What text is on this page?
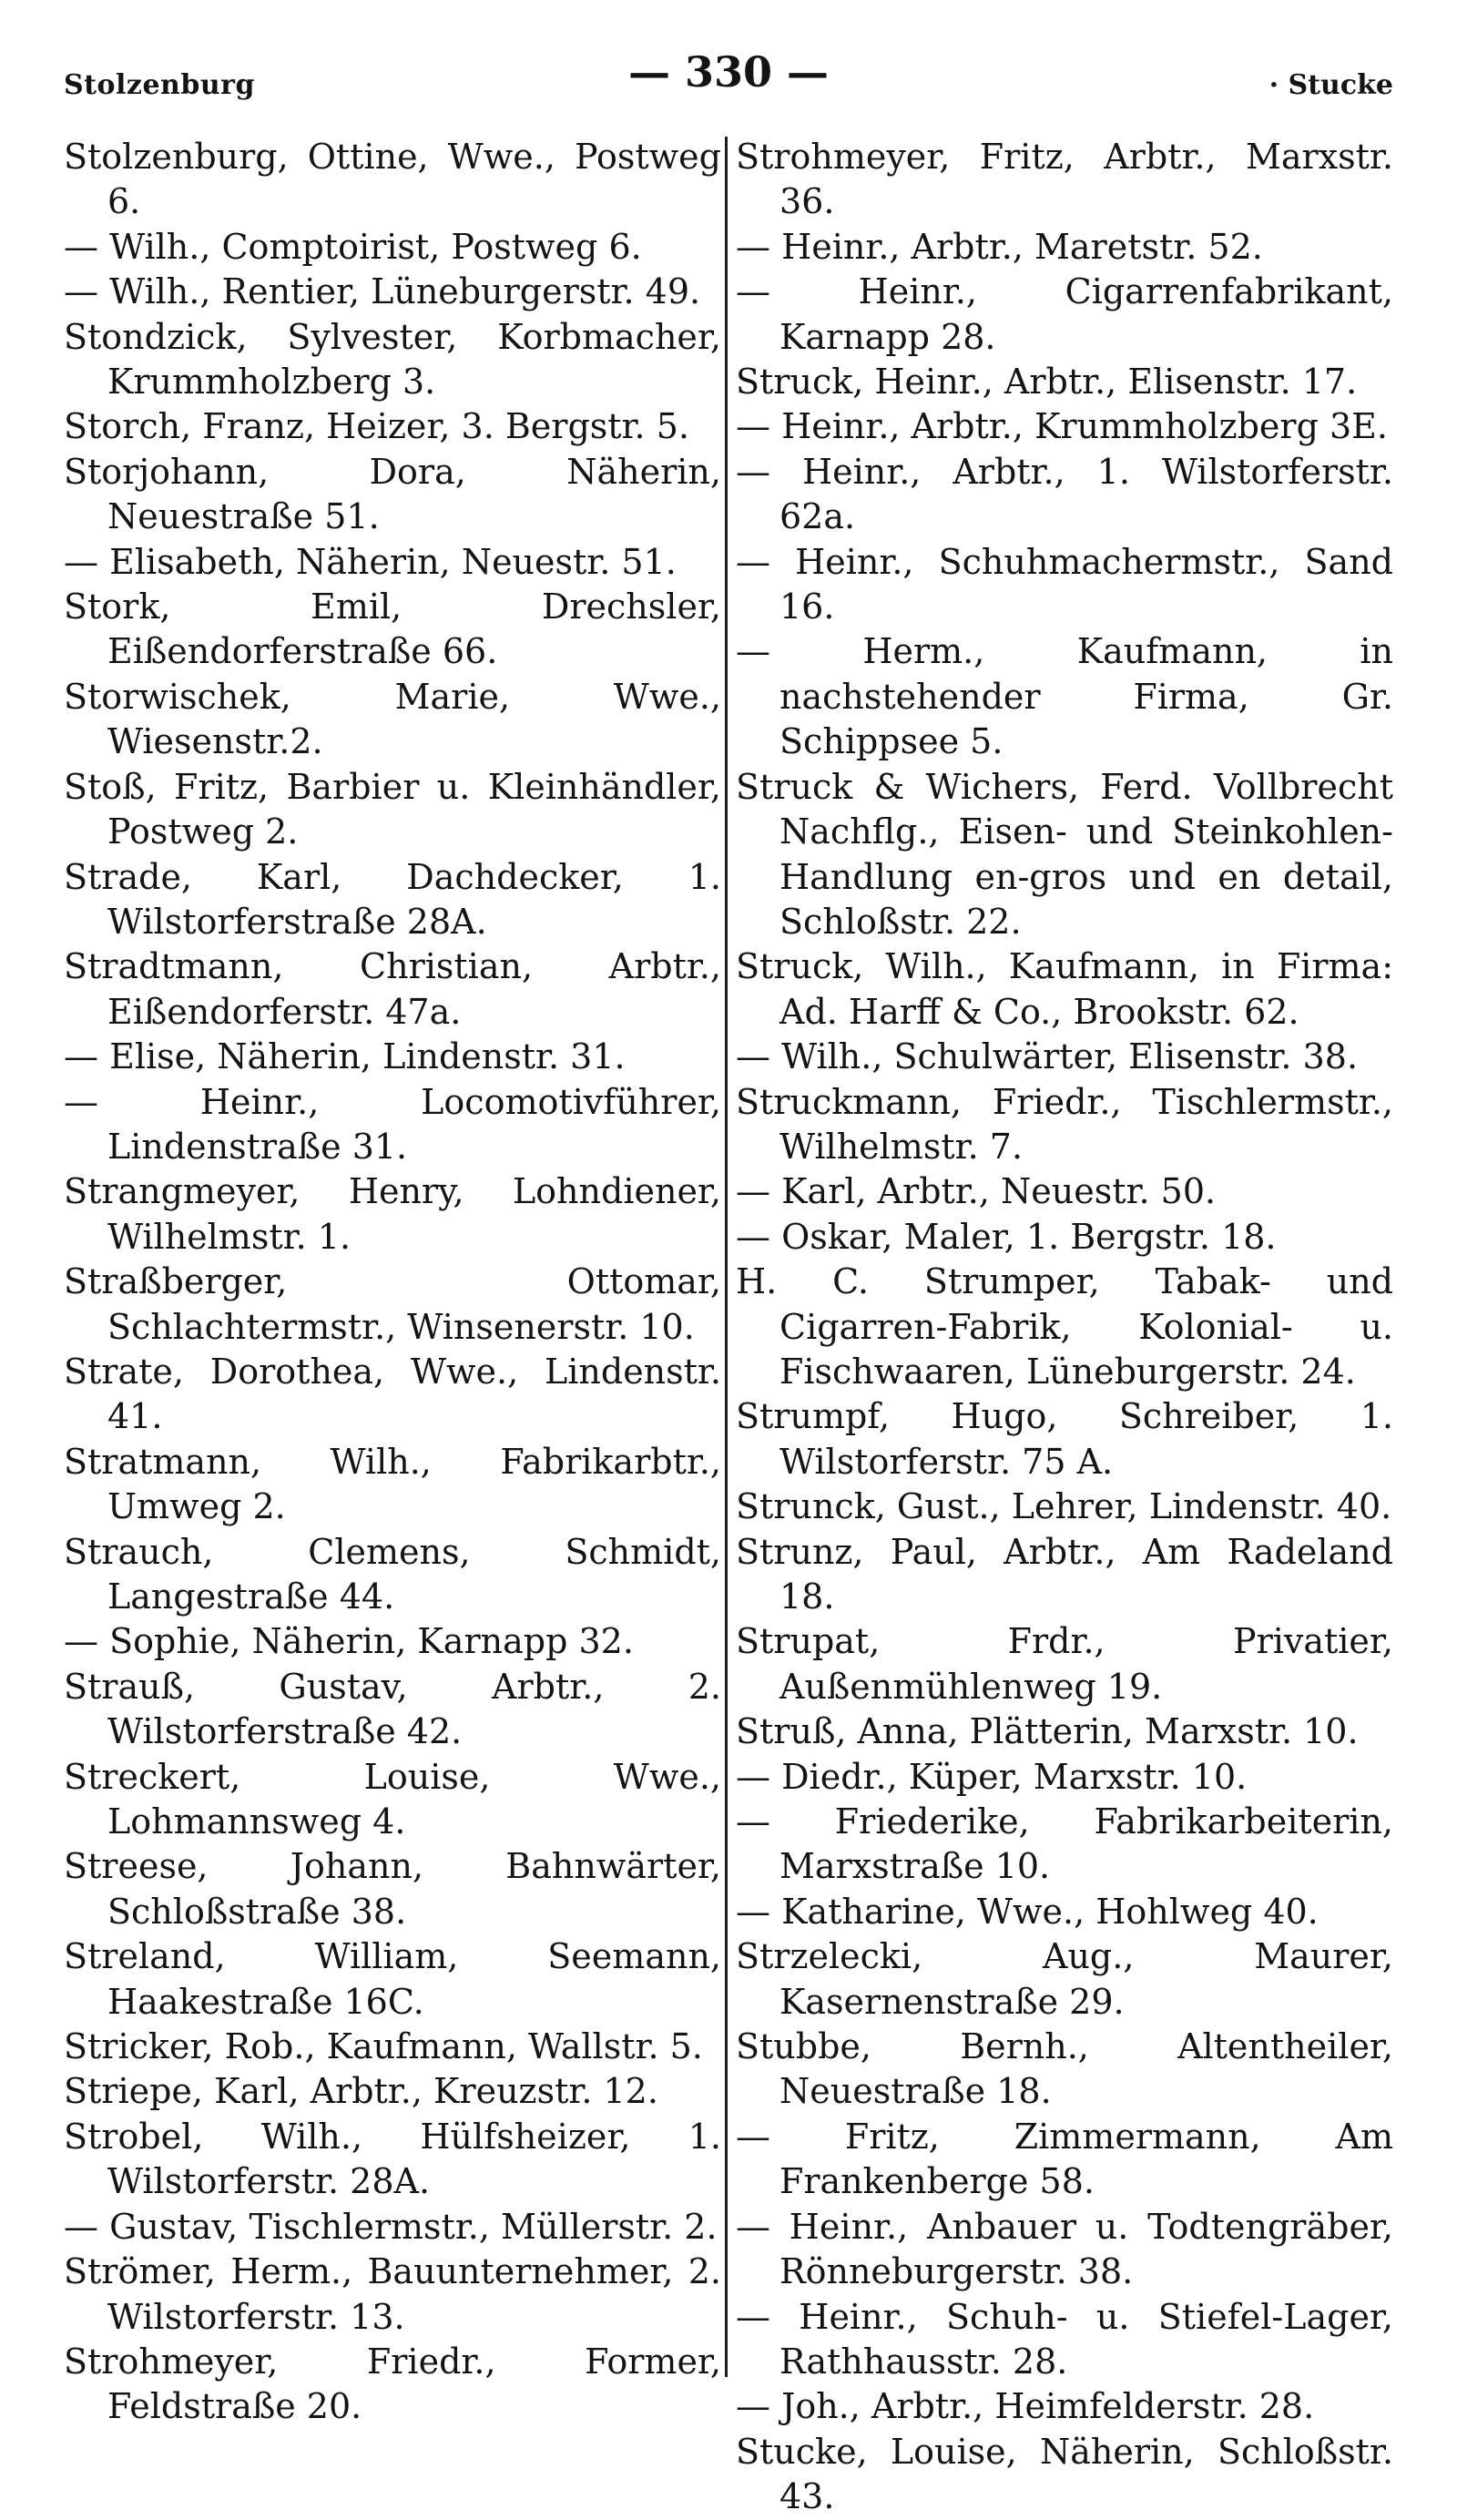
Stolzenburg	— 330 —	· Stucke
Stolzenburg, Ottine, Wwe., Postweg 6.
— Wilh., Comptoirist, Postweg 6.
— Wilh., Rentier, Lüneburgerstr. 49.
Stondzick, Sylvester, Korbmacher, Krummholzberg 3.
Storch, Franz, Heizer, 3. Bergstr. 5.
Storjohann, Dora, Näherin, Neuestraße 51.
— Elisabeth, Näherin, Neuestr. 51.
Stork, Emil, Drechsler, Eißendorferstraße 66.
Storwischek, Marie, Wwe., Wiesenstr.2.
Stoß, Fritz, Barbier u. Kleinhändler, Postweg 2.
Strade, Karl, Dachdecker, 1. Wilstorferstraße 28A.
Stradtmann, Christian, Arbtr., Eißendorferstr. 47a.
— Elise, Näherin, Lindenstr. 31.
— Heinr., Locomotivführer, Lindenstraße 31.
Strangmeyer, Henry, Lohndiener, Wilhelmstr. 1.
Straßberger, Ottomar, Schlachtermstr., Winsenerstr. 10.
Strate, Dorothea, Wwe., Lindenstr. 41.
Stratmann, Wilh., Fabrikarbtr., Umweg 2.
Strauch, Clemens, Schmidt, Langestraße 44.
— Sophie, Näherin, Karnapp 32.
Strauß, Gustav, Arbtr., 2. Wilstorferstraße 42.
Streckert, Louise, Wwe., Lohmannsweg 4.
Streese, Johann, Bahnwärter, Schloßstraße 38.
Streland, William, Seemann, Haakestraße 16C.
Stricker, Rob., Kaufmann, Wallstr. 5.
Striepe, Karl, Arbtr., Kreuzstr. 12.
Strobel, Wilh., Hülfsheizer, 1. Wilstorferstr. 28A.
— Gustav, Tischlermstr., Müllerstr. 2.
Strömer, Herm., Bauunternehmer, 2. Wilstorferstr. 13.
Strohmeyer, Friedr., Former, Feldstraße 20.
Strohmeyer, Fritz, Arbtr., Marxstr. 36.
— Heinr., Arbtr., Maretstr. 52.
— Heinr., Cigarrenfabrikant, Karnapp 28.
Struck, Heinr., Arbtr., Elisenstr. 17.
— Heinr., Arbtr., Krummholzberg 3E.
— Heinr., Arbtr., 1. Wilstorferstr. 62a.
— Heinr., Schuhmachermstr., Sand 16.
— Herm., Kaufmann, in nachstehender Firma, Gr. Schippsee 5.
Struck & Wichers, Ferd. Vollbrecht Nachflg., Eisen- und Steinkohlen-Handlung en-gros und en detail, Schloßstr. 22.
Struck, Wilh., Kaufmann, in Firma: Ad. Harff & Co., Brookstr. 62.
— Wilh., Schulwärter, Elisenstr. 38.
Struckmann, Friedr., Tischlermstr., Wilhelmstr. 7.
— Karl, Arbtr., Neuestr. 50.
— Oskar, Maler, 1. Bergstr. 18.
H. C. Strumper, Tabak- und Cigarren-Fabrik, Kolonial- u. Fischwaaren, Lüneburgerstr. 24.
Strumpf, Hugo, Schreiber, 1. Wilstorferstr. 75 A.
Strunck, Gust., Lehrer, Lindenstr. 40.
Strunz, Paul, Arbtr., Am Radeland 18.
Strupat, Frdr., Privatier, Außenmühlenweg 19.
Struß, Anna, Plätterin, Marxstr. 10.
— Diedr., Küper, Marxstr. 10.
— Friederike, Fabrikarbeiterin, Marxstraße 10.
— Katharine, Wwe., Hohlweg 40.
Strzelecki, Aug., Maurer, Kasernenstraße 29.
Stubbe, Bernh., Altentheiler, Neuestraße 18.
— Fritz, Zimmermann, Am Frankenberge 58.
— Heinr., Anbauer u. Todtengräber, Rönneburgerstr. 38.
— Heinr., Schuh- u. Stiefel-Lager, Rathhausstr. 28.
— Joh., Arbtr., Heimfelderstr. 28.
Stucke, Louise, Näherin, Schloßstr. 43.
